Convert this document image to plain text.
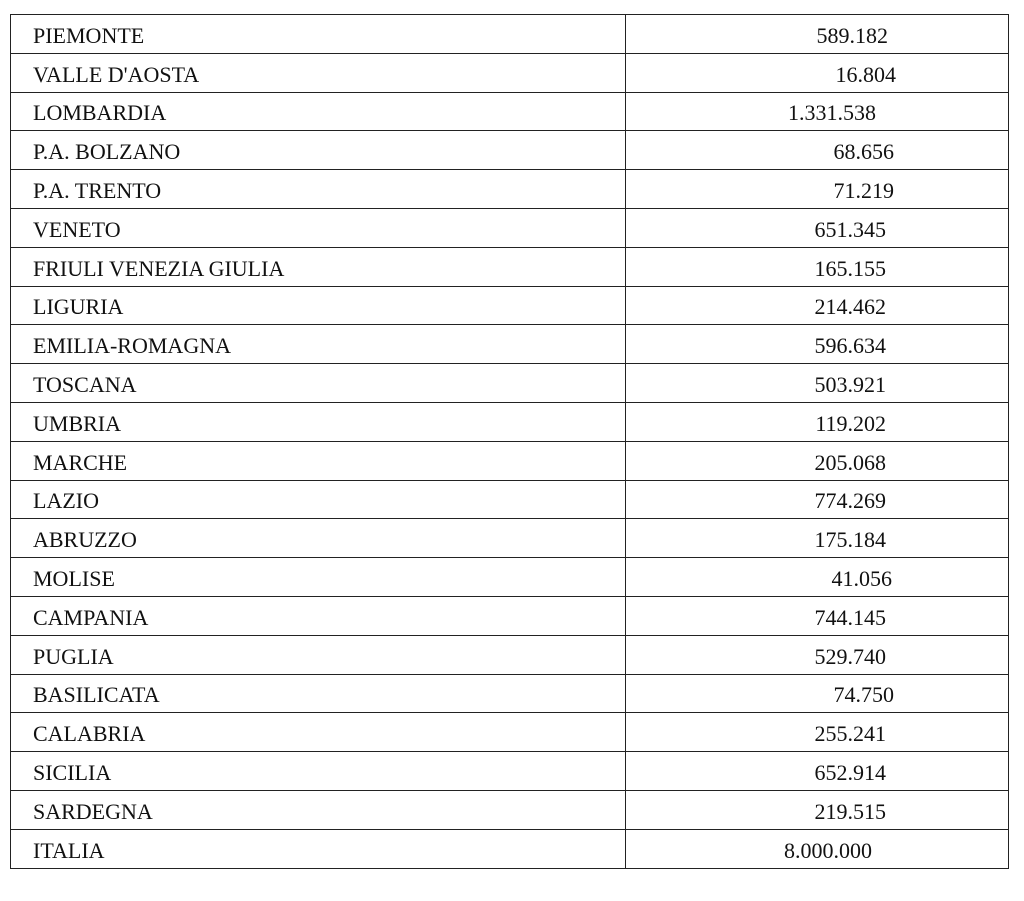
PIEMONTE	589.182
VALLE D'AOSTA	16.804
LOMBARDIA	1.331.538
P.A. BOLZANO	68.656
P.A. TRENTO	71.219
VENETO	651.345
FRIULI VENEZIA GIULIA	165.155
LIGURIA	214.462
EMILIA-ROMAGNA	596.634
TOSCANA	503.921
UMBRIA	119.202
MARCHE	205.068
LAZIO	774.269
ABRUZZO	175.184
MOLISE	41.056
CAMPANIA	744.145
PUGLIA	529.740
BASILICATA	74.750
CALABRIA	255.241
SICILIA	652.914
SARDEGNA	219.515
ITALIA	8.000.000
